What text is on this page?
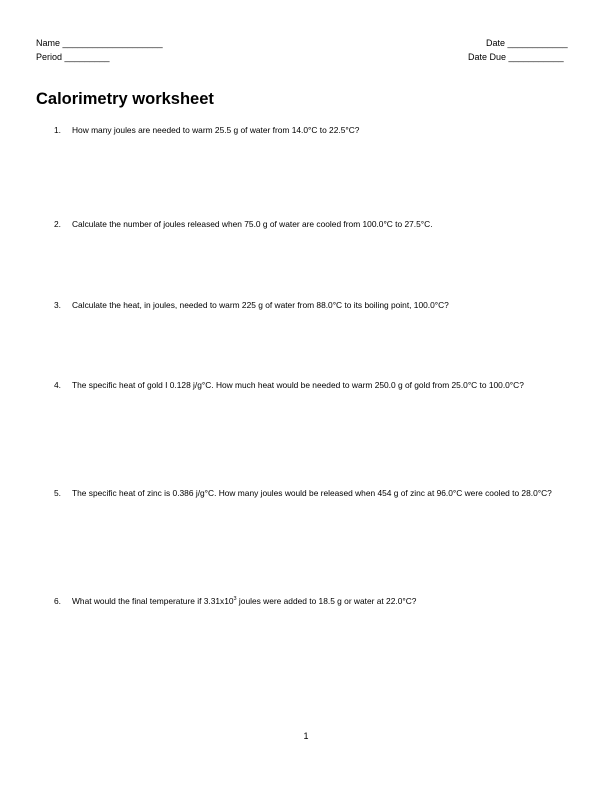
Name ____________________
Period _________
Date ____________
Date Due ___________
Calorimetry worksheet
1. How many joules are needed to warm 25.5 g of water from 14.0°C to 22.5°C?
2. Calculate the number of joules released when 75.0 g of water are cooled from 100.0°C to 27.5°C.
3. Calculate the heat, in joules, needed to warm 225 g of water from 88.0°C to its boiling point, 100.0°C?
4. The specific heat of gold I 0.128 j/g°C. How much heat would be needed to warm 250.0 g of gold from 25.0°C to 100.0°C?
5. The specific heat of zinc is 0.386 j/g°C. How many joules would be released when 454 g of zinc at 96.0°C were cooled to 28.0°C?
6. What would the final temperature if $3.31x10^3$ joules were added to 18.5 g or water at 22.0°C?
1
